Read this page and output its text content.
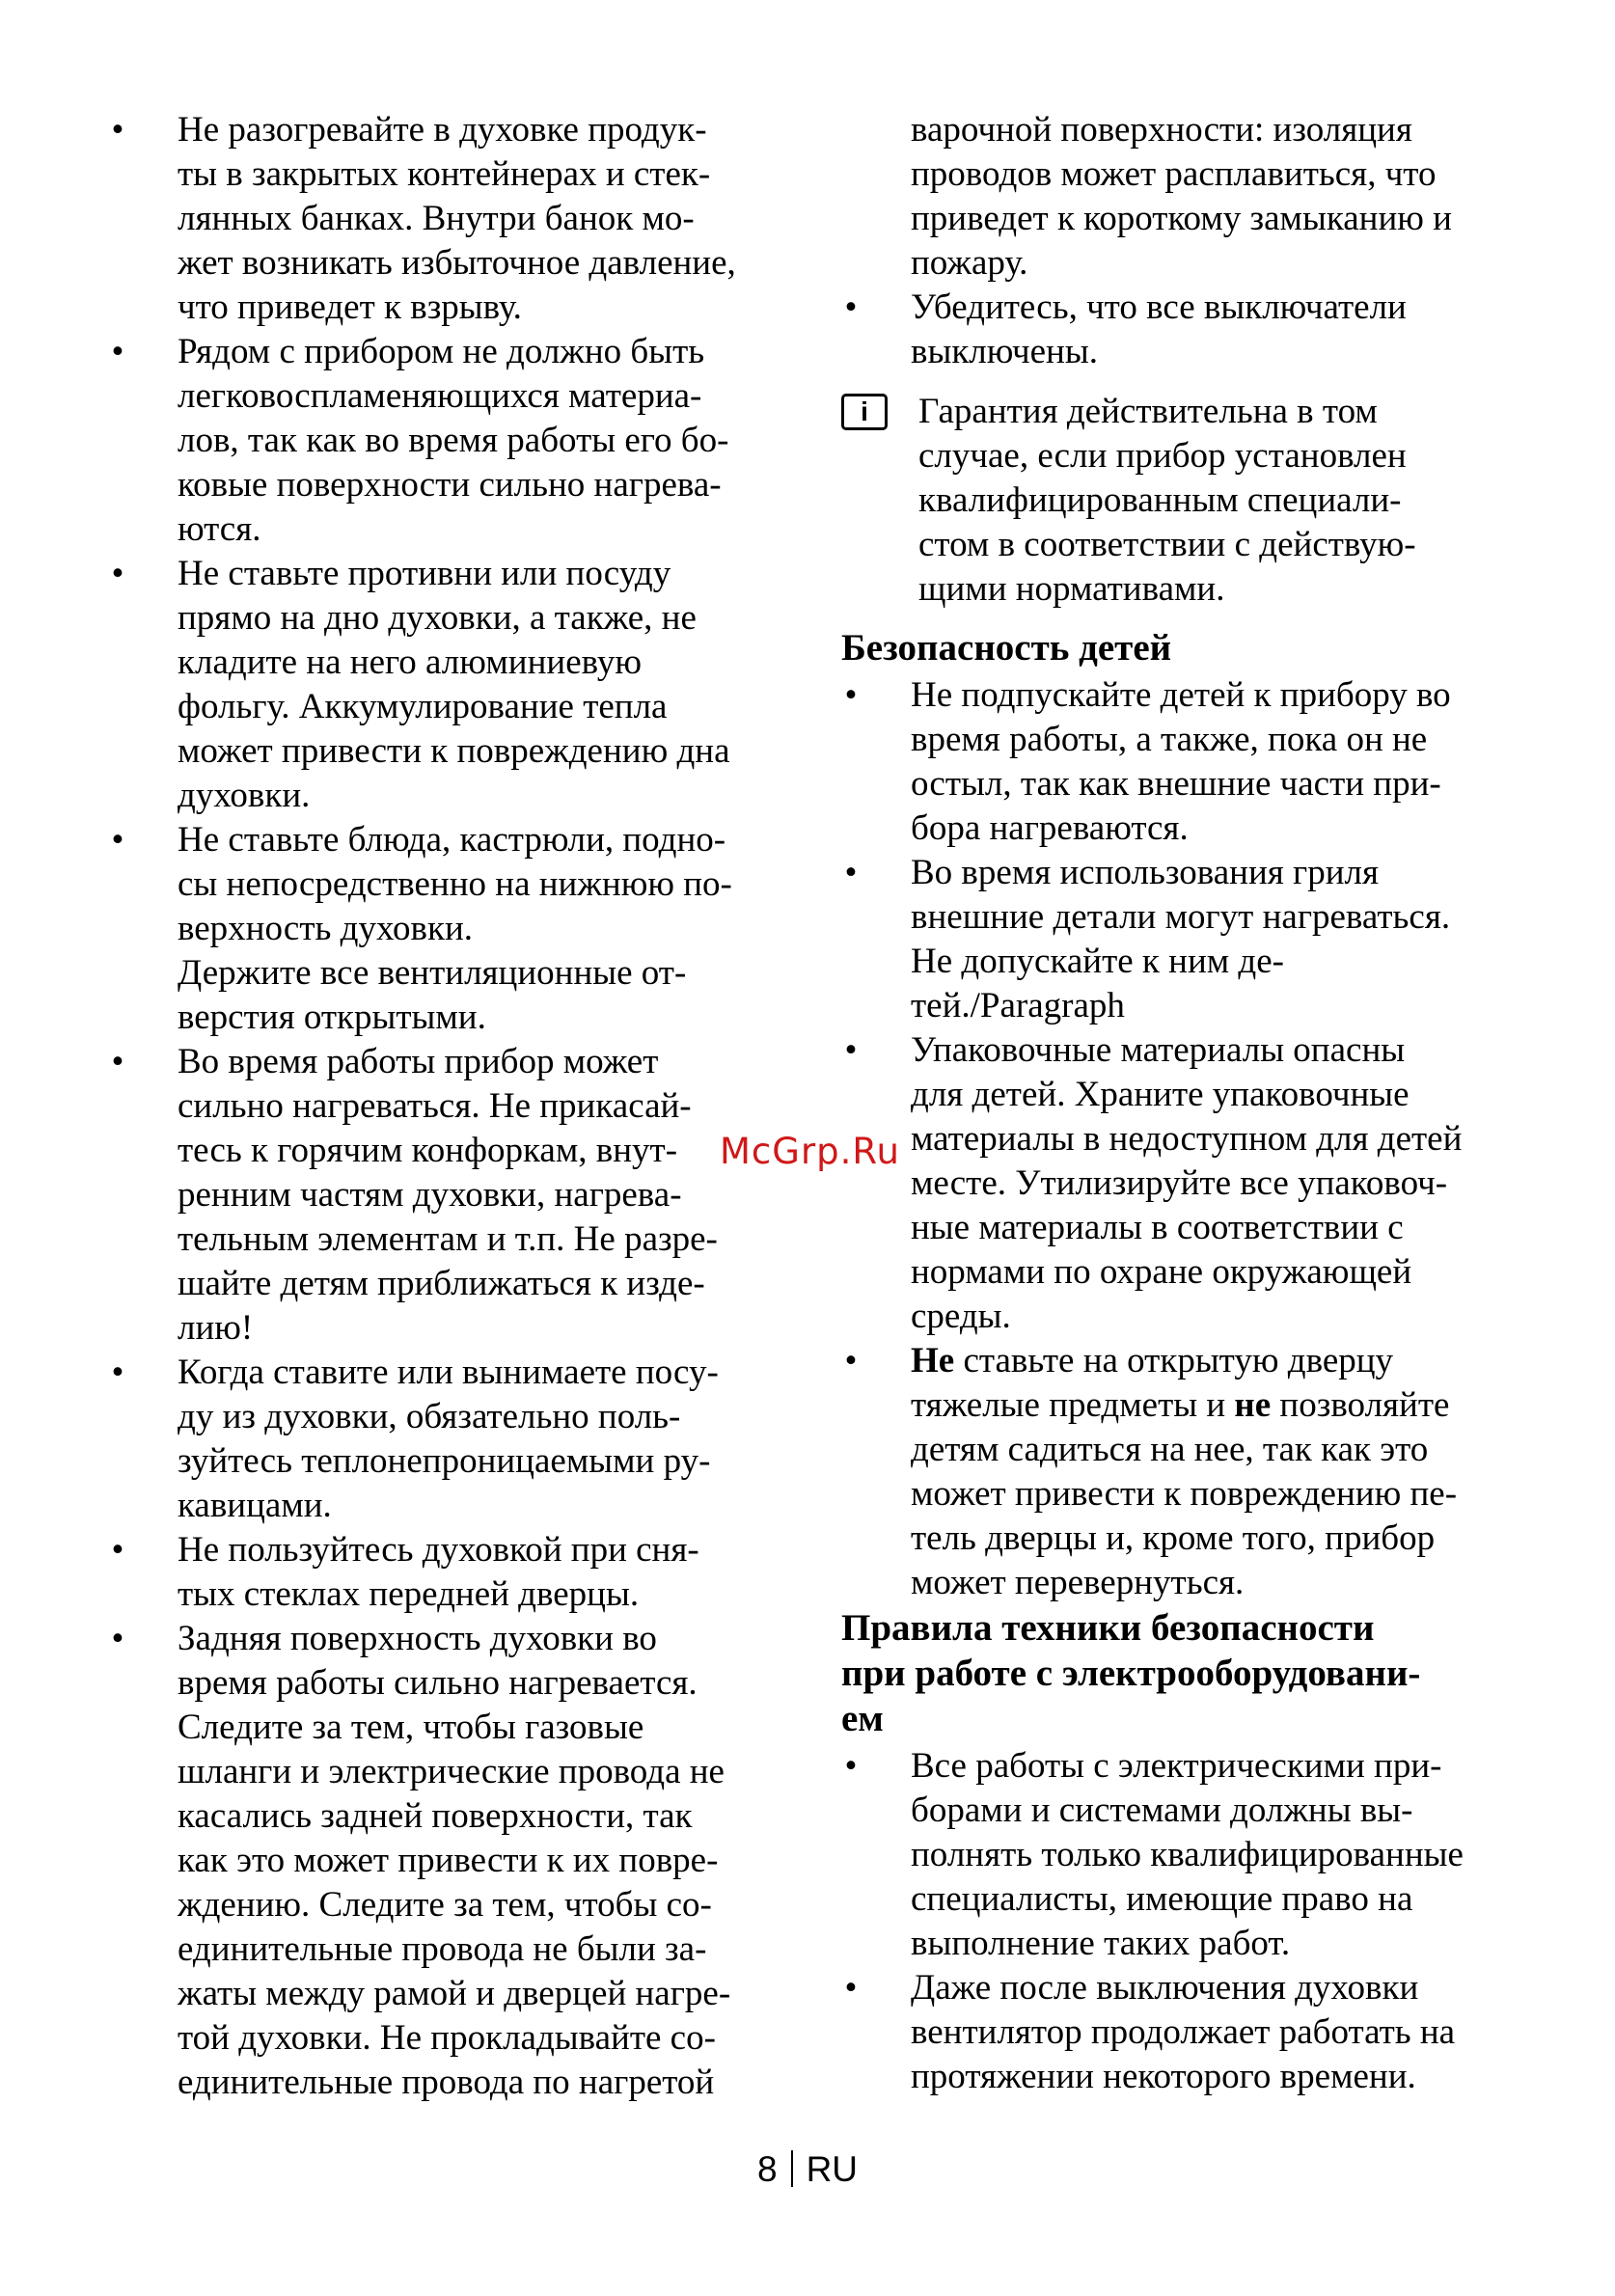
• Не разогревайте в духовке продук-
ты в закрытых контейнерах и стек-
лянных банках. Внутри банок мо-
жет возникать избыточное давление,
что приведет к взрыву.
• Рядом с прибором не должно быть
легковоспламеняющихся материа-
лов, так как во время работы его бо-
ковые поверхности сильно нагрева-
ются.
• Не ставьте противни или посуду
прямо на дно духовки, а также, не
кладите на него алюминиевую
фольгу. Аккумулирование тепла
может привести к повреждению дна
духовки.
• Не ставьте блюда, кастрюли, подно-
сы непосредственно на нижнюю по-
верхность духовки.
Держите все вентиляционные от-
верстия открытыми.
• Во время работы прибор может
сильно нагреваться. Не прикасай-
тесь к горячим конфоркам, внут-
ренним частям духовки, нагрева-
тельным элементам и т.п. Не разре-
шайте детям приближаться к изде-
лию!
• Когда ставите или вынимаете посу-
ду из духовки, обязательно поль-
зуйтесь теплонепроницаемыми ру-
кавицами.
• Не пользуйтесь духовкой при сня-
тых стеклах передней дверцы.
• Задняя поверхность духовки во
время работы сильно нагревается.
Следите за тем, чтобы газовые
шланги и электрические провода не
касались задней поверхности, так
как это может привести к их повре-
ждению. Следите за тем, чтобы со-
единительные провода не были за-
жаты между рамой и дверцей нагре-
той духовки. Не прокладывайте со-
единительные провода по нагретой
варочной поверхности: изоляция
проводов может расплавиться, что
приведет к короткому замыканию и
пожару.
• Убедитесь, что все выключатели
выключены.
Гарантия действительна в том
случае, если прибор установлен
квалифицированным специали-
стом в соответствии с действую-
щими нормативами.
Безопасность детей
• Не подпускайте детей к прибору во
время работы, а также, пока он не
остыл, так как внешние части при-
бора нагреваются.
• Во время использования гриля
внешние детали могут нагреваться.
Не допускайте к ним де-
тей./Paragraph
• Упаковочные материалы опасны
для детей. Храните упаковочные
материалы в недоступном для детей
месте. Утилизируйте все упаковоч-
ные материалы в соответствии с
нормами по охране окружающей
среды.
• Не ставьте на открытую дверцу
тяжелые предметы и не позволяйте
детям садиться на нее, так как это
может привести к повреждению пе-
тель дверцы и, кроме того, прибор
может перевернуться.
Правила техники безопасности
при работе с электрооборудовани-
ем
• Все работы с электрическими при-
борами и системами должны вы-
полнять только квалифицированные
специалисты, имеющие право на
выполнение таких работ.
• Даже после выключения духовки
вентилятор продолжает работать на
протяжении некоторого времени.
i
McGrp.Ru
8 RU
